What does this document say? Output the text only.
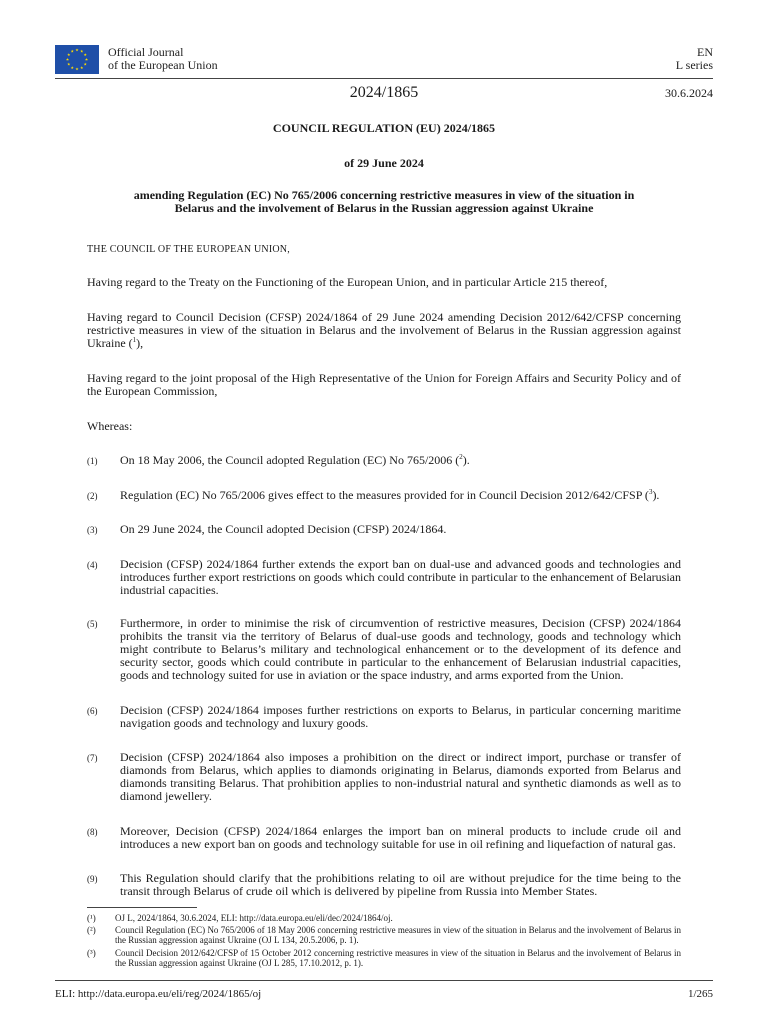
Official Journal
of the European Union
EN
L series
2024/1865	30.6.2024
COUNCIL REGULATION (EU) 2024/1865
of 29 June 2024
amending Regulation (EC) No 765/2006 concerning restrictive measures in view of the situation in Belarus and the involvement of Belarus in the Russian aggression against Ukraine
THE COUNCIL OF THE EUROPEAN UNION,
Having regard to the Treaty on the Functioning of the European Union, and in particular Article 215 thereof,
Having regard to Council Decision (CFSP) 2024/1864 of 29 June 2024 amending Decision 2012/642/CFSP concerning restrictive measures in view of the situation in Belarus and the involvement of Belarus in the Russian aggression against Ukraine ($^1$),
Having regard to the joint proposal of the High Representative of the Union for Foreign Affairs and Security Policy and of the European Commission,
Whereas:
(1) On 18 May 2006, the Council adopted Regulation (EC) No 765/2006 ($^2$).
(2) Regulation (EC) No 765/2006 gives effect to the measures provided for in Council Decision 2012/642/CFSP ($^3$).
(3) On 29 June 2024, the Council adopted Decision (CFSP) 2024/1864.
(4) Decision (CFSP) 2024/1864 further extends the export ban on dual-use and advanced goods and technologies and introduces further export restrictions on goods which could contribute in particular to the enhancement of Belarusian industrial capacities.
(5) Furthermore, in order to minimise the risk of circumvention of restrictive measures, Decision (CFSP) 2024/1864 prohibits the transit via the territory of Belarus of dual-use goods and technology, goods and technology which might contribute to Belarus’s military and technological enhancement or to the development of its defence and security sector, goods which could contribute in particular to the enhancement of Belarusian industrial capacities, goods and technology suited for use in aviation or the space industry, and arms exported from the Union.
(6) Decision (CFSP) 2024/1864 imposes further restrictions on exports to Belarus, in particular concerning maritime navigation goods and technology and luxury goods.
(7) Decision (CFSP) 2024/1864 also imposes a prohibition on the direct or indirect import, purchase or transfer of diamonds from Belarus, which applies to diamonds originating in Belarus, diamonds exported from Belarus and diamonds transiting Belarus. That prohibition applies to non-industrial natural and synthetic diamonds as well as to diamond jewellery.
(8) Moreover, Decision (CFSP) 2024/1864 enlarges the import ban on mineral products to include crude oil and introduces a new export ban on goods and technology suitable for use in oil refining and liquefaction of natural gas.
(9) This Regulation should clarify that the prohibitions relating to oil are without prejudice for the time being to the transit through Belarus of crude oil which is delivered by pipeline from Russia into Member States.
(¹) OJ L, 2024/1864, 30.6.2024, ELI: http://data.europa.eu/eli/dec/2024/1864/oj.
(²) Council Regulation (EC) No 765/2006 of 18 May 2006 concerning restrictive measures in view of the situation in Belarus and the involvement of Belarus in the Russian aggression against Ukraine (OJ L 134, 20.5.2006, p. 1).
(³) Council Decision 2012/642/CFSP of 15 October 2012 concerning restrictive measures in view of the situation in Belarus and the involvement of Belarus in the Russian aggression against Ukraine (OJ L 285, 17.10.2012, p. 1).
ELI: http://data.europa.eu/eli/reg/2024/1865/oj	1/265
